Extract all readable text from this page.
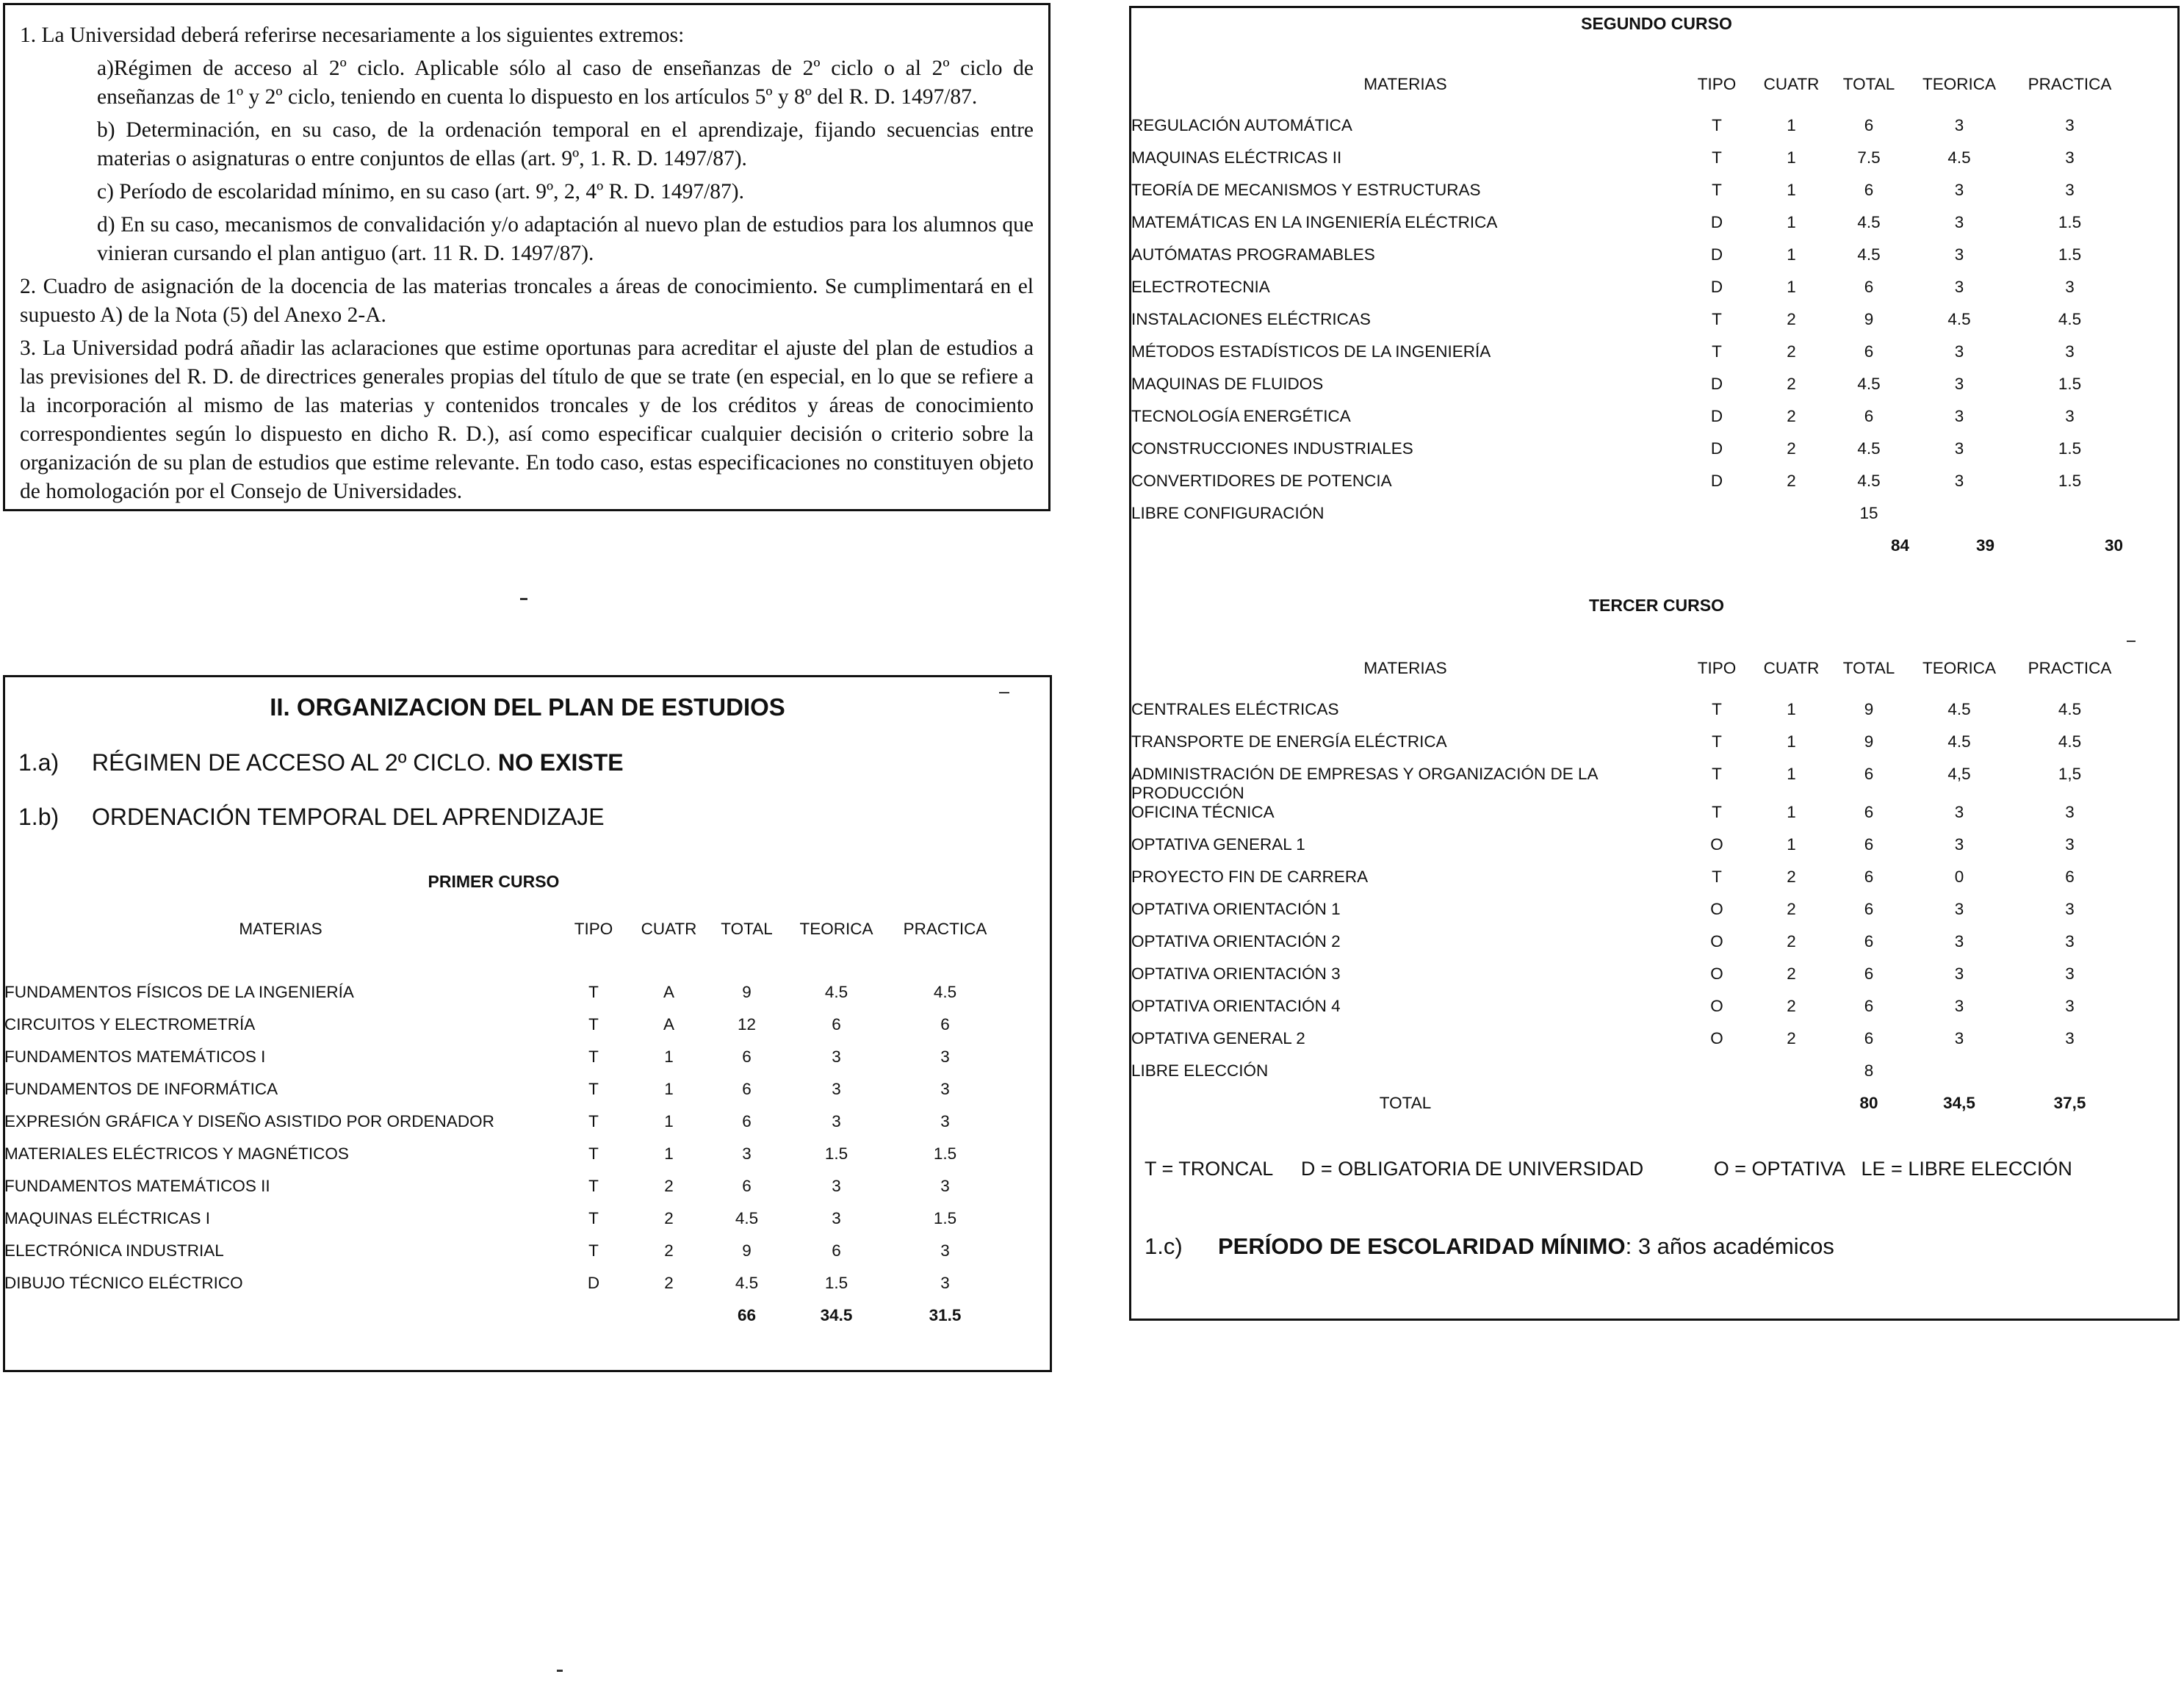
1. La Universidad deberá referirse necesariamente a los siguientes extremos:

a)Régimen de acceso al 2º ciclo. Aplicable sólo al caso de enseñanzas de 2º ciclo o al 2º ciclo de enseñanzas de 1º y 2º ciclo, teniendo en cuenta lo dispuesto en los artículos 5º y 8º del R. D. 1497/87.

b) Determinación, en su caso, de la ordenación temporal en el aprendizaje, fijando secuencias entre materias o asignaturas o entre conjuntos de ellas (art. 9º, 1. R. D. 1497/87).

c) Período de escolaridad mínimo, en su caso (art. 9º, 2, 4º R. D. 1497/87).

d) En su caso, mecanismos de convalidación y/o adaptación al nuevo plan de estudios para los alumnos que vinieran cursando el plan antiguo (art. 11 R. D. 1497/87).

2. Cuadro de asignación de la docencia de las materias troncales a áreas de conocimiento. Se cumplimentará en el supuesto A) de la Nota (5) del Anexo 2-A.

3. La Universidad podrá añadir las aclaraciones que estime oportunas para acreditar el ajuste del plan de estudios a las previsiones del R. D. de directrices generales propias del título de que se trate (en especial, en lo que se refiere a la incorporación al mismo de las materias y contenidos troncales y de los créditos y áreas de conocimiento correspondientes según lo dispuesto en dicho R. D.), así como especificar cualquier decisión o criterio sobre la organización de su plan de estudios que estime relevante. En todo caso, estas especificaciones no constituyen objeto de homologación por el Consejo de Universidades.

II. ORGANIZACION DEL PLAN DE ESTUDIOS
1.a) RÉGIMEN DE ACCESO AL 2º CICLO. NO EXISTE
1.b) ORDENACIÓN TEMPORAL DEL APRENDIZAJE
PRIMER CURSO
MATERIAS	TIPO	CUATR	TOTAL	TEORICA	PRACTICA

FUNDAMENTOS FÍSICOS DE LA INGENIERÍA	T	A	9	4.5	4.5
CIRCUITOS Y ELECTROMETRÍA	T	A	12	6	6
FUNDAMENTOS MATEMÁTICOS I	T	1	6	3	3
FUNDAMENTOS DE INFORMÁTICA	T	1	6	3	3
EXPRESIÓN GRÁFICA Y DISEÑO ASISTIDO POR ORDENADOR	T	1	6	3	3
MATERIALES ELÉCTRICOS Y MAGNÉTICOS	T	1	3	1.5	1.5
FUNDAMENTOS MATEMÁTICOS II	T	2	6	3	3
MAQUINAS ELÉCTRICAS I	T	2	4.5	3	1.5
ELECTRÓNICA INDUSTRIAL	T	2	9	6	3
DIBUJO TÉCNICO ELÉCTRICO	D	2	4.5	1.5	3
			66	34.5	31.5
SEGUNDO CURSO
TERCER CURSO
T = TRONCAL D = OBLIGATORIA DE UNIVERSIDAD	O = OPTATIVA LE = LIBRE ELECCIÓN
1.c) PERÍODO DE ESCOLARIDAD MÍNIMO: 3 años académicos
MATERIAS	TIPO	CUATR	TOTAL	TEORICA	PRACTICA
REGULACIÓN AUTOMÁTICA	T	1	6	3	3
MAQUINAS ELÉCTRICAS II	T	1	7.5	4.5	3
TEORÍA DE MECANISMOS Y ESTRUCTURAS	T	1	6	3	3
MATEMÁTICAS EN LA INGENIERÍA ELÉCTRICA	D	1	4.5	3	1.5
AUTÓMATAS PROGRAMABLES	D	1	4.5	3	1.5
ELECTROTECNIA	D	1	6	3	3
INSTALACIONES ELÉCTRICAS	T	2	9	4.5	4.5
MÉTODOS ESTADÍSTICOS DE LA INGENIERÍA	T	2	6	3	3
MAQUINAS DE FLUIDOS	D	2	4.5	3	1.5
TECNOLOGÍA ENERGÉTICA	D	2	6	3	3
CONSTRUCCIONES INDUSTRIALES	D	2	4.5	3	1.5
CONVERTIDORES DE POTENCIA	D	2	4.5	3	1.5
LIBRE CONFIGURACIÓN			15		
			84	39	30
MATERIAS	TIPO	CUATR	TOTAL	TEORICA	PRACTICA
CENTRALES ELÉCTRICAS	T	1	9	4.5	4.5
TRANSPORTE DE ENERGÍA ELÉCTRICA	T	1	9	4.5	4.5
ADMINISTRACIÓN DE EMPRESAS Y ORGANIZACIÓN DE LA PRODUCCIÓN	T	1	6	4,5	1,5
OFICINA TÉCNICA	T	1	6	3	3
OPTATIVA GENERAL 1	O	1	6	3	3
PROYECTO FIN DE CARRERA	T	2	6	0	6
OPTATIVA ORIENTACIÓN 1	O	2	6	3	3
OPTATIVA ORIENTACIÓN 2	O	2	6	3	3
OPTATIVA ORIENTACIÓN 3	O	2	6	3	3
OPTATIVA ORIENTACIÓN 4	O	2	6	3	3
OPTATIVA GENERAL 2	O	2	6	3	3
LIBRE ELECCIÓN			8		
TOTAL			80	34,5	37,5
